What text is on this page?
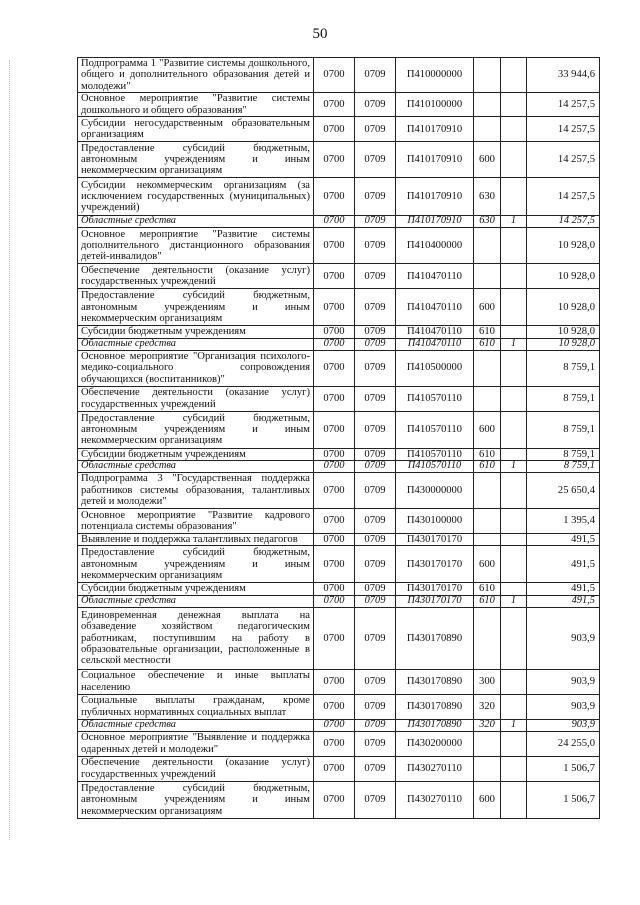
50
Подпрограмма 1 "Развитие системы дошкольного, общего и дополнительного образования детей и молодежи"	0700	0709	П410000000			33 944,6
Основное мероприятие "Развитие системы дошкольного и общего образования"	0700	0709	П410100000			14 257,5
Субсидии негосударственным образовательным организациям	0700	0709	П410170910			14 257,5
Предоставление субсидий бюджетным, автономным учреждениям и иным некоммерческим организациям	0700	0709	П410170910	600		14 257,5
Субсидии некоммерческим организациям (за исключением государственных (муниципальных) учреждений)	0700	0709	П410170910	630		14 257,5
Областные средства	0700	0709	П410170910	630	1	14 257,5
Основное мероприятие "Развитие системы дополнительного дистанционного образования детей-инвалидов"	0700	0709	П410400000			10 928,0
Обеспечение деятельности (оказание услуг) государственных учреждений	0700	0709	П410470110			10 928,0
Предоставление субсидий бюджетным, автономным учреждениям и иным некоммерческим организациям	0700	0709	П410470110	600		10 928,0
Субсидии бюджетным учреждениям	0700	0709	П410470110	610		10 928,0
Областные средства	0700	0709	П410470110	610	1	10 928,0
Основное мероприятие "Организация психолого-медико-социального сопровождения обучающихся (воспитанников)"	0700	0709	П410500000			8 759,1
Обеспечение деятельности (оказание услуг) государственных учреждений	0700	0709	П410570110			8 759,1
Предоставление субсидий бюджетным, автономным учреждениям и иным некоммерческим организациям	0700	0709	П410570110	600		8 759,1
Субсидии бюджетным учреждениям	0700	0709	П410570110	610		8 759,1
Областные средства	0700	0709	П410570110	610	1	8 759,1
Подпрограмма 3 "Государственная поддержка работников системы образования, талантливых детей и молодежи"	0700	0709	П430000000			25 650,4
Основное мероприятие "Развитие кадрового потенциала системы образования"	0700	0709	П430100000			1 395,4
Выявление и поддержка талантливых педагогов	0700	0709	П430170170			491,5
Предоставление субсидий бюджетным, автономным учреждениям и иным некоммерческим организациям	0700	0709	П430170170	600		491,5
Субсидии бюджетным учреждениям	0700	0709	П430170170	610		491,5
Областные средства	0700	0709	П430170170	610	1	491,5
Единовременная денежная выплата на обзаведение хозяйством педагогическим работникам, поступившим на работу в образовательные организации, расположенные в сельской местности	0700	0709	П430170890			903,9
Социальное обеспечение и иные выплаты населению	0700	0709	П430170890	300		903,9
Социальные выплаты гражданам, кроме публичных нормативных социальных выплат	0700	0709	П430170890	320		903,9
Областные средства	0700	0709	П430170890	320	1	903,9
Основное мероприятие "Выявление и поддержка одаренных детей и молодежи"	0700	0709	П430200000			24 255,0
Обеспечение деятельности (оказание услуг) государственных учреждений	0700	0709	П430270110			1 506,7
Предоставление субсидий бюджетным, автономным учреждениям и иным некоммерческим организациям	0700	0709	П430270110	600		1 506,7
